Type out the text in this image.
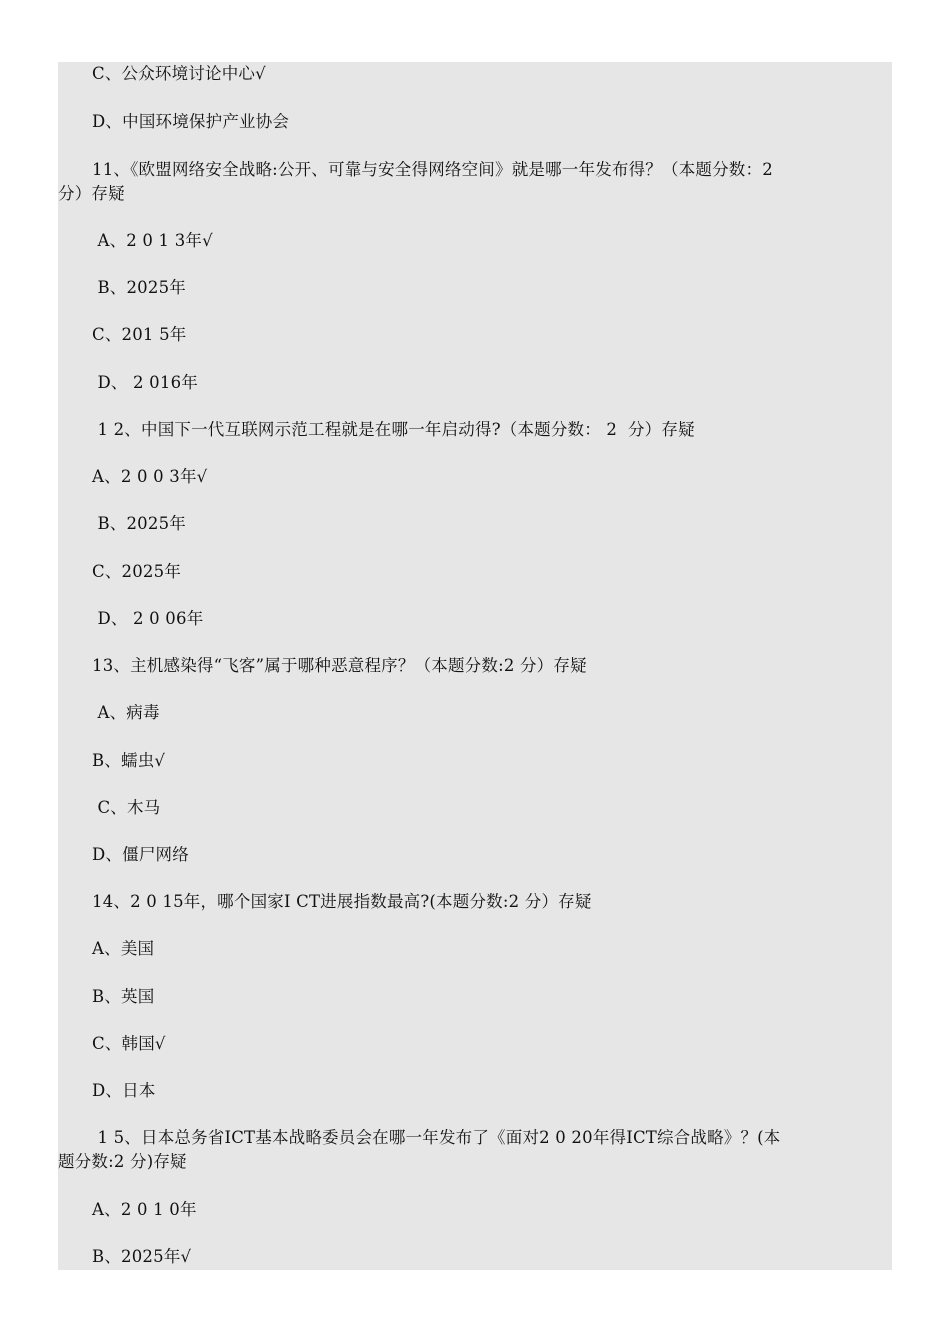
C、公众环境讨论中心√
D、中国环境保护产业协会
11、《欧盟网络安全战略:公开、可靠与安全得网络空间》就是哪一年发布得？（本题分数：2
分）存疑
A、2 0 1 3年√
B、2025年
C、201 5年
D、 2 016年
1 2、中国下一代互联网示范工程就是在哪一年启动得?（本题分数： 2  分）存疑
A、2 0 0 3年√
B、2025年
C、2025年
D、 2 0 06年
13、主机感染得“飞客”属于哪种恶意程序？（本题分数:2 分）存疑
A、病毒
B、蠕虫√
C、木马
D、僵尸网络
14、2 0 15年，哪个国家I CT进展指数最高?(本题分数:2 分）存疑
A、美国
B、英国
C、韩国√
D、日本
1 5、日本总务省ICT基本战略委员会在哪一年发布了《面对2 0 20年得ICT综合战略》？(本
题分数:2 分)存疑
A、2 0 1 0年
B、2025年√
